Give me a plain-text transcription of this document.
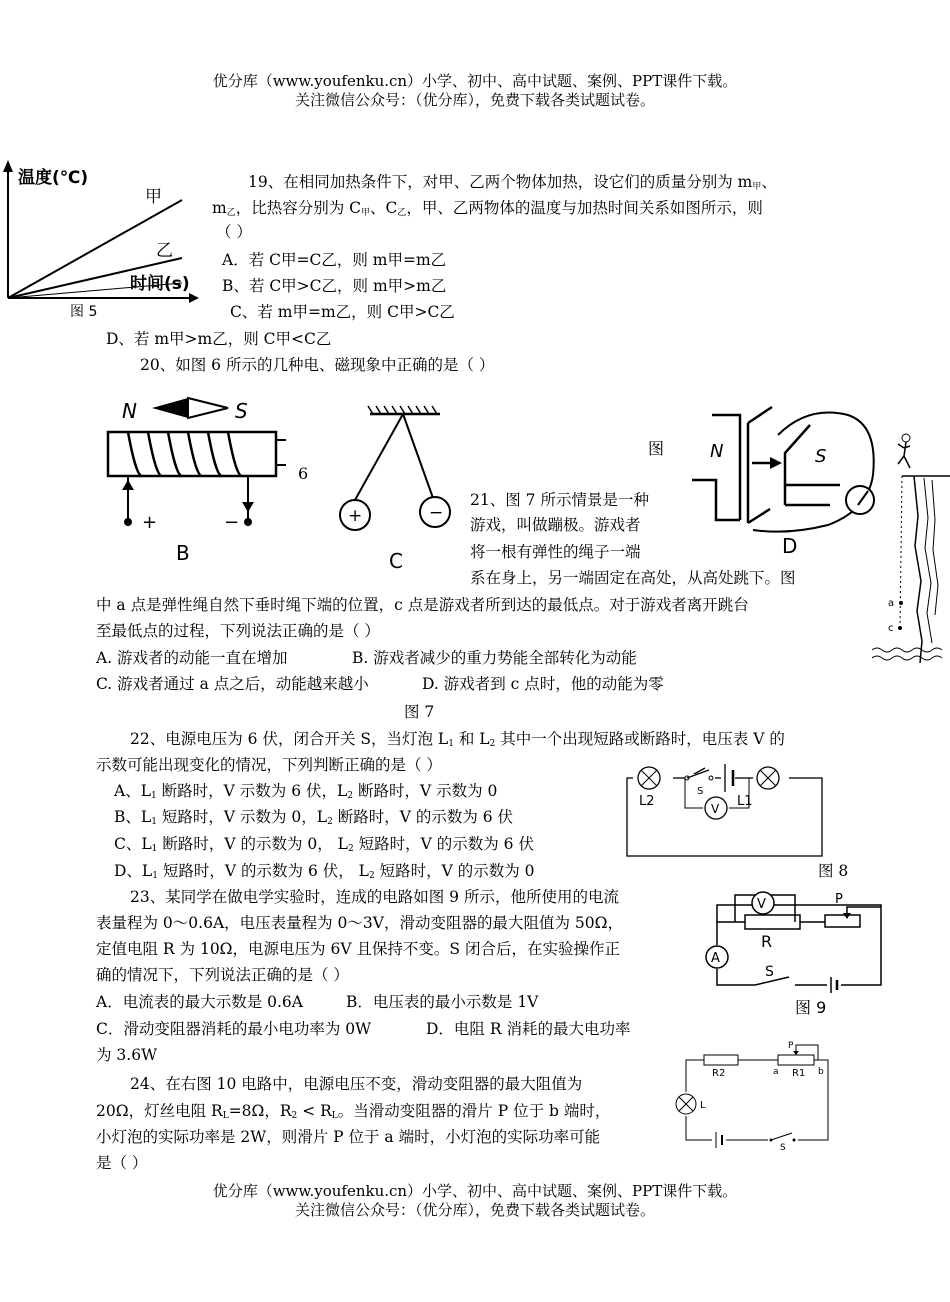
优分库（www.youfenku.cn）小学、初中、高中试题、案例、PPT课件下载。
关注微信公众号：（优分库），免费下载各类试题试卷。
温度(℃)
甲
乙
时间(s)
图 5
19、在相同加热条件下，对甲、乙两个物体加热，设它们的质量分别为 $m_甲$、
$m_乙$，比热容分别为 $C_甲$、$C_乙$，甲、乙两物体的温度与加热时间关系如图所示，则
（ ）
A．若 C甲=C乙，则 m甲=m乙
B、若 C甲>C乙，则 m甲>m乙
C、若 m甲=m乙，则 C甲>C乙
D、若 m甲>m乙，则 C甲<C乙
20、如图 6 所示的几种电、磁现象中正确的是（ ）
N	S
+	−
B
+	−
C
图
6
N	S
D
21、图 7 所示情景是一种
游戏，叫做蹦极。游戏者
将一根有弹性的绳子一端
系在身上，另一端固定在高处，从高处跳下。图
中 a 点是弹性绳自然下垂时绳下端的位置，c 点是游戏者所到达的最低点。对于游戏者离开跳台
至最低点的过程，下列说法正确的是（ ）
A. 游戏者的动能一直在增加	B. 游戏者减少的重力势能全部转化为动能
C. 游戏者通过 a 点之后，动能越来越小	D. 游戏者到 c 点时，他的动能为零
图 7
a
c
22、电源电压为 6 伏，闭合开关 S，当灯泡 $L_1$ 和 $L_2$ 其中一个出现短路或断路时，电压表 V 的
示数可能出现变化的情况，下列判断正确的是（ ）
A、$L_1$ 断路时，V 示数为 6 伏，$L_2$ 断路时，V 示数为 0
B、$L_1$ 短路时，V 示数为 0，$L_2$ 断路时，V 的示数为 6 伏
C、$L_1$ 断路时，V 的示数为 0， $L_2$ 短路时，V 的示数为 6 伏
D、$L_1$ 短路时，V 的示数为 6 伏， $L_2$ 短路时，V 的示数为 0	图 8
V
L2
S
L1
23、某同学在做电学实验时，连成的电路如图 9 所示，他所使用的电流
表量程为 0～0.6A，电压表量程为 0～3V，滑动变阻器的最大阻值为 50Ω，
定值电阻 R 为 10Ω，电源电压为 6V 且保持不变。S 闭合后，在实验操作正
确的情况下，下列说法正确的是（ ）
A．电流表的最大示数是 0.6A	B．电压表的最小示数是 1V
C．滑动变阻器消耗的最小电功率为 0W	D．电阻 R 消耗的最大电功率
为 3.6W
V	P
R
A
S
图 9
24、在右图 10 电路中，电源电压不变，滑动变阻器的最大阻值为
20Ω，灯丝电阻 $R_L=8\Omega$，$R_2 < R_L$。当滑动变阻器的滑片 P 位于 b 端时，
小灯泡的实际功率是 2W，则滑片 P 位于 a 端时，小灯泡的实际功率可能
是（ ）
P
R2	a R1 b
L
S
优分库（www.youfenku.cn）小学、初中、高中试题、案例、PPT课件下载。
关注微信公众号：（优分库），免费下载各类试题试卷。
